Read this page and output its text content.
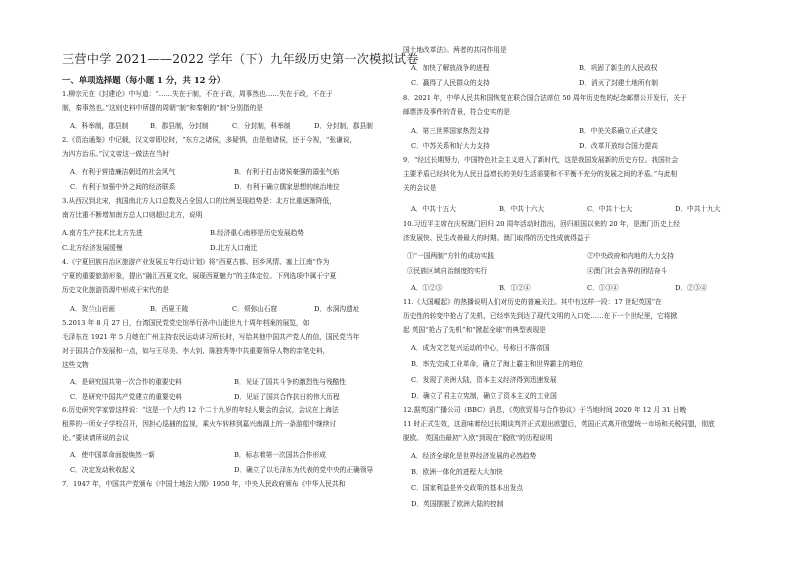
三营中学 2021——2022 学年（下）九年级历史第一次模拟试卷
一、单项选择题（每小题 1 分，共 12 分）
1.柳宗元在《封建论》中写道：“……失在于制，不在于政，周事然也……失在于政，不在于
制，秦事然也。”这则史料中所提的周朝“制”和秦朝的“制”分别指的是
A．科举制，郡县制	B．郡县制，分封制	C．分封制，科举制	D．分封制，郡县制
2.《资治通鉴》中记载，汉文帝即位时，“东方之诸侯，多疑惧，由是他诸侯，还于今视，“张谦说，
为四方治乐。”汉文帝这一做法在当时
A．有利于营造廉洁朝廷的社会风气	B．有利于打击诸侯豪强的嚣张气焰
C．有利于加强中外之间的经济联系	D．有利于确立儒家思想的统治地位
3.从西汉到北宋，我国南北方人口总数及占全国人口的比例呈现趋势是：北方比重逐渐降低，
南方比重不断增加南方总人口则超过北方，说明
A.南方生产技术比北方先进	B.经济重心南移是历史发展趋势
C.北方经济发展缓慢	D.北方人口南迁
4.《宁夏回族自治区旅游产业发展五年行动计划》将“西夏古都、回乡风情、塞上江南”作为
宁夏的重要旅游形象，提出“融汇西夏文化，展现西夏魅力”的主体定位。下列选项中属于宁夏
历史文化旅游资源中形成于宋代的是
A．贺兰山岩画	B．西夏王陵	C．须弥山石窟	D．水洞沟遗址
5.2013 年 8 月 27 日，台湾国民党党史馆举行孙中山逝世九十周年档案的展览，如
毛泽东在 1921 年 5 月她在广州主持农民运动讲习所长时，写给其他中国共产党人的信，国民党当年
对于国共合作发展和一点，如与王尽美、李大钊、陈独秀等中共重要领导人物的亲笔史料，
这些文物
A．是研究国共第一次合作的重要史料	B．见证了国共斗争的激烈性与残酷性
C．是研究中国共产党建立的重要史料	D．见证了国共合作抗日的伟大历程
6.历史研究学家曾这样说：“这是一个大约 12 个二十九岁的年轻人聚会的会议，会议在上海法
租界的一所女子学校召开，因担心巡捕的监视，乘火车转移到嘉兴南湖上的一条游船中继续讨
论。”要读请所说的会议
A．使中国革命面貌焕然一新	B．标志着第一次国共合作形成
C．决定发动秋收起义	D．确立了以毛泽东为代表的党中央的正确领导
7．1947 年，中国共产党颁布《中国土地法大纲》1950 年，中央人民政府颁布《中华人民共和
国土地改革法》。两者的共同作用是
A．加快了解放战争的进程	B．巩固了新生的人民政权
C．赢得了人民群众的支持	D．消灭了封建土地所有制
8．2021 年，中华人民共和国恢复在联合国合法席位 50 周年历史性的纪念邮票公开发行，关于
邮票涉及事件的背景，符合史实的是
A．第三世界国家热烈支持	B．中美关系确立正式建交
C．中苏关系和好大力支持	D．改革开放综合国力提高
9．“经过长期努力，中国特色社会主义进入了新时代，这是我国发展新的历史方位。我国社会
主要矛盾已经转化为人民日益增长的美好生活需要和不平衡不充分的发展之间的矛盾。”与此相
关的会议是
A．中共十五大	B．中共十六大	C．中共十七大	D．中共十九大
10.习近平主席在庆祝澳门回归 20 周年活动时指出，回归祖国以来的 20 年，是澳门历史上经
济发展快、民生改善最大的时期。澳门取得的历史性成就得益于
①“一国两制”方针的成功实践	②中央政府和内地的大力支持
③民族区域自治制度的实行	④澳门社会各界的团结奋斗
A．①②③	B．①②④	C．①③④	D．②③④
11.《大国崛起》的热播说明人们对历史的普遍关注。其中有这样一段：17 世纪英国“在
历史性的转变中抢占了先机，已经率先到达了现代文明的入口处……在下一个世纪里，它将掀
起 英国“抢占了先机”和“掀起全球”的典型表现是
A．成为文艺复兴运动的中心，号称日不落帝国
B．率先完成工业革命，确立了海上霸主和世界霸主的地位
C．发现了美洲大陆，资本主义经济得到迅速发展
D．确立了君主立宪制，确立了资本主义的工业国
12.据英国广播公司（BBC）消息，《英欧贸易与合作协议》于当地时间 2020 年 12 月 31 日晚
11 时正式生效，这意味着经过长期谈判并正式退出欧盟后，英国正式离开欧盟统一市场和关税同盟，彻底
脱欧。 英国由最初“入欧”到现在“脱欧”的历程说明
A．经济全球化是世界经济发展的必然趋势
B．欧洲一体化的进程大大加快
C．国家利益是外交政策的基本出发点
D．英国摆脱了欧洲大陆的控制
